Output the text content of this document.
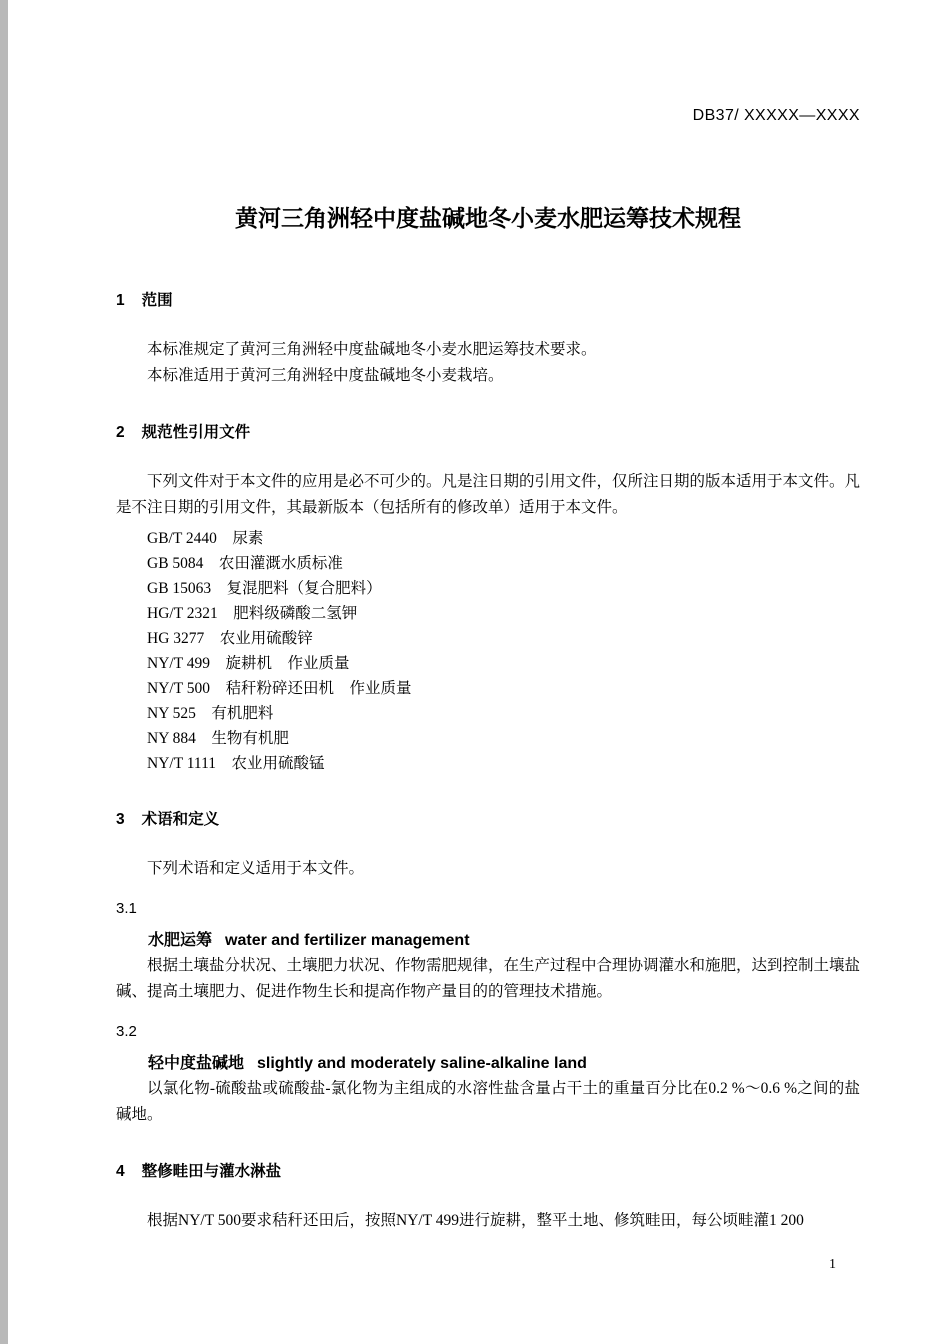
DB37/ XXXXX—XXXX
黄河三角洲轻中度盐碱地冬小麦水肥运筹技术规程
1 范围

本标准规定了黄河三角洲轻中度盐碱地冬小麦水肥运筹技术要求。

本标准适用于黄河三角洲轻中度盐碱地冬小麦栽培。

2 规范性引用文件

下列文件对于本文件的应用是必不可少的。凡是注日期的引用文件，仅所注日期的版本适用于本文件。凡是不注日期的引用文件，其最新版本（包括所有的修改单）适用于本文件。

GB/T 2440　尿素

GB 5084　农田灌溉水质标准

GB 15063　复混肥料（复合肥料）

HG/T 2321　肥料级磷酸二氢钾

HG 3277　农业用硫酸锌

NY/T 499　旋耕机　作业质量

NY/T 500　秸秆粉碎还田机　作业质量

NY 525　有机肥料

NY 884　生物有机肥

NY/T 1111　农业用硫酸锰

3 术语和定义

下列术语和定义适用于本文件。

3.1

水肥运筹 water and fertilizer management

根据土壤盐分状况、土壤肥力状况、作物需肥规律，在生产过程中合理协调灌水和施肥，达到控制土壤盐碱、提高土壤肥力、促进作物生长和提高作物产量目的的管理技术措施。

3.2

轻中度盐碱地 slightly and moderately saline-alkaline land

以氯化物-硫酸盐或硫酸盐-氯化物为主组成的水溶性盐含量占干土的重量百分比在0.2 %～0.6 %之间的盐碱地。

4 整修畦田与灌水淋盐

根据NY/T 500要求秸秆还田后，按照NY/T 499进行旋耕，整平土地、修筑畦田，每公顷畦灌1 200

1
